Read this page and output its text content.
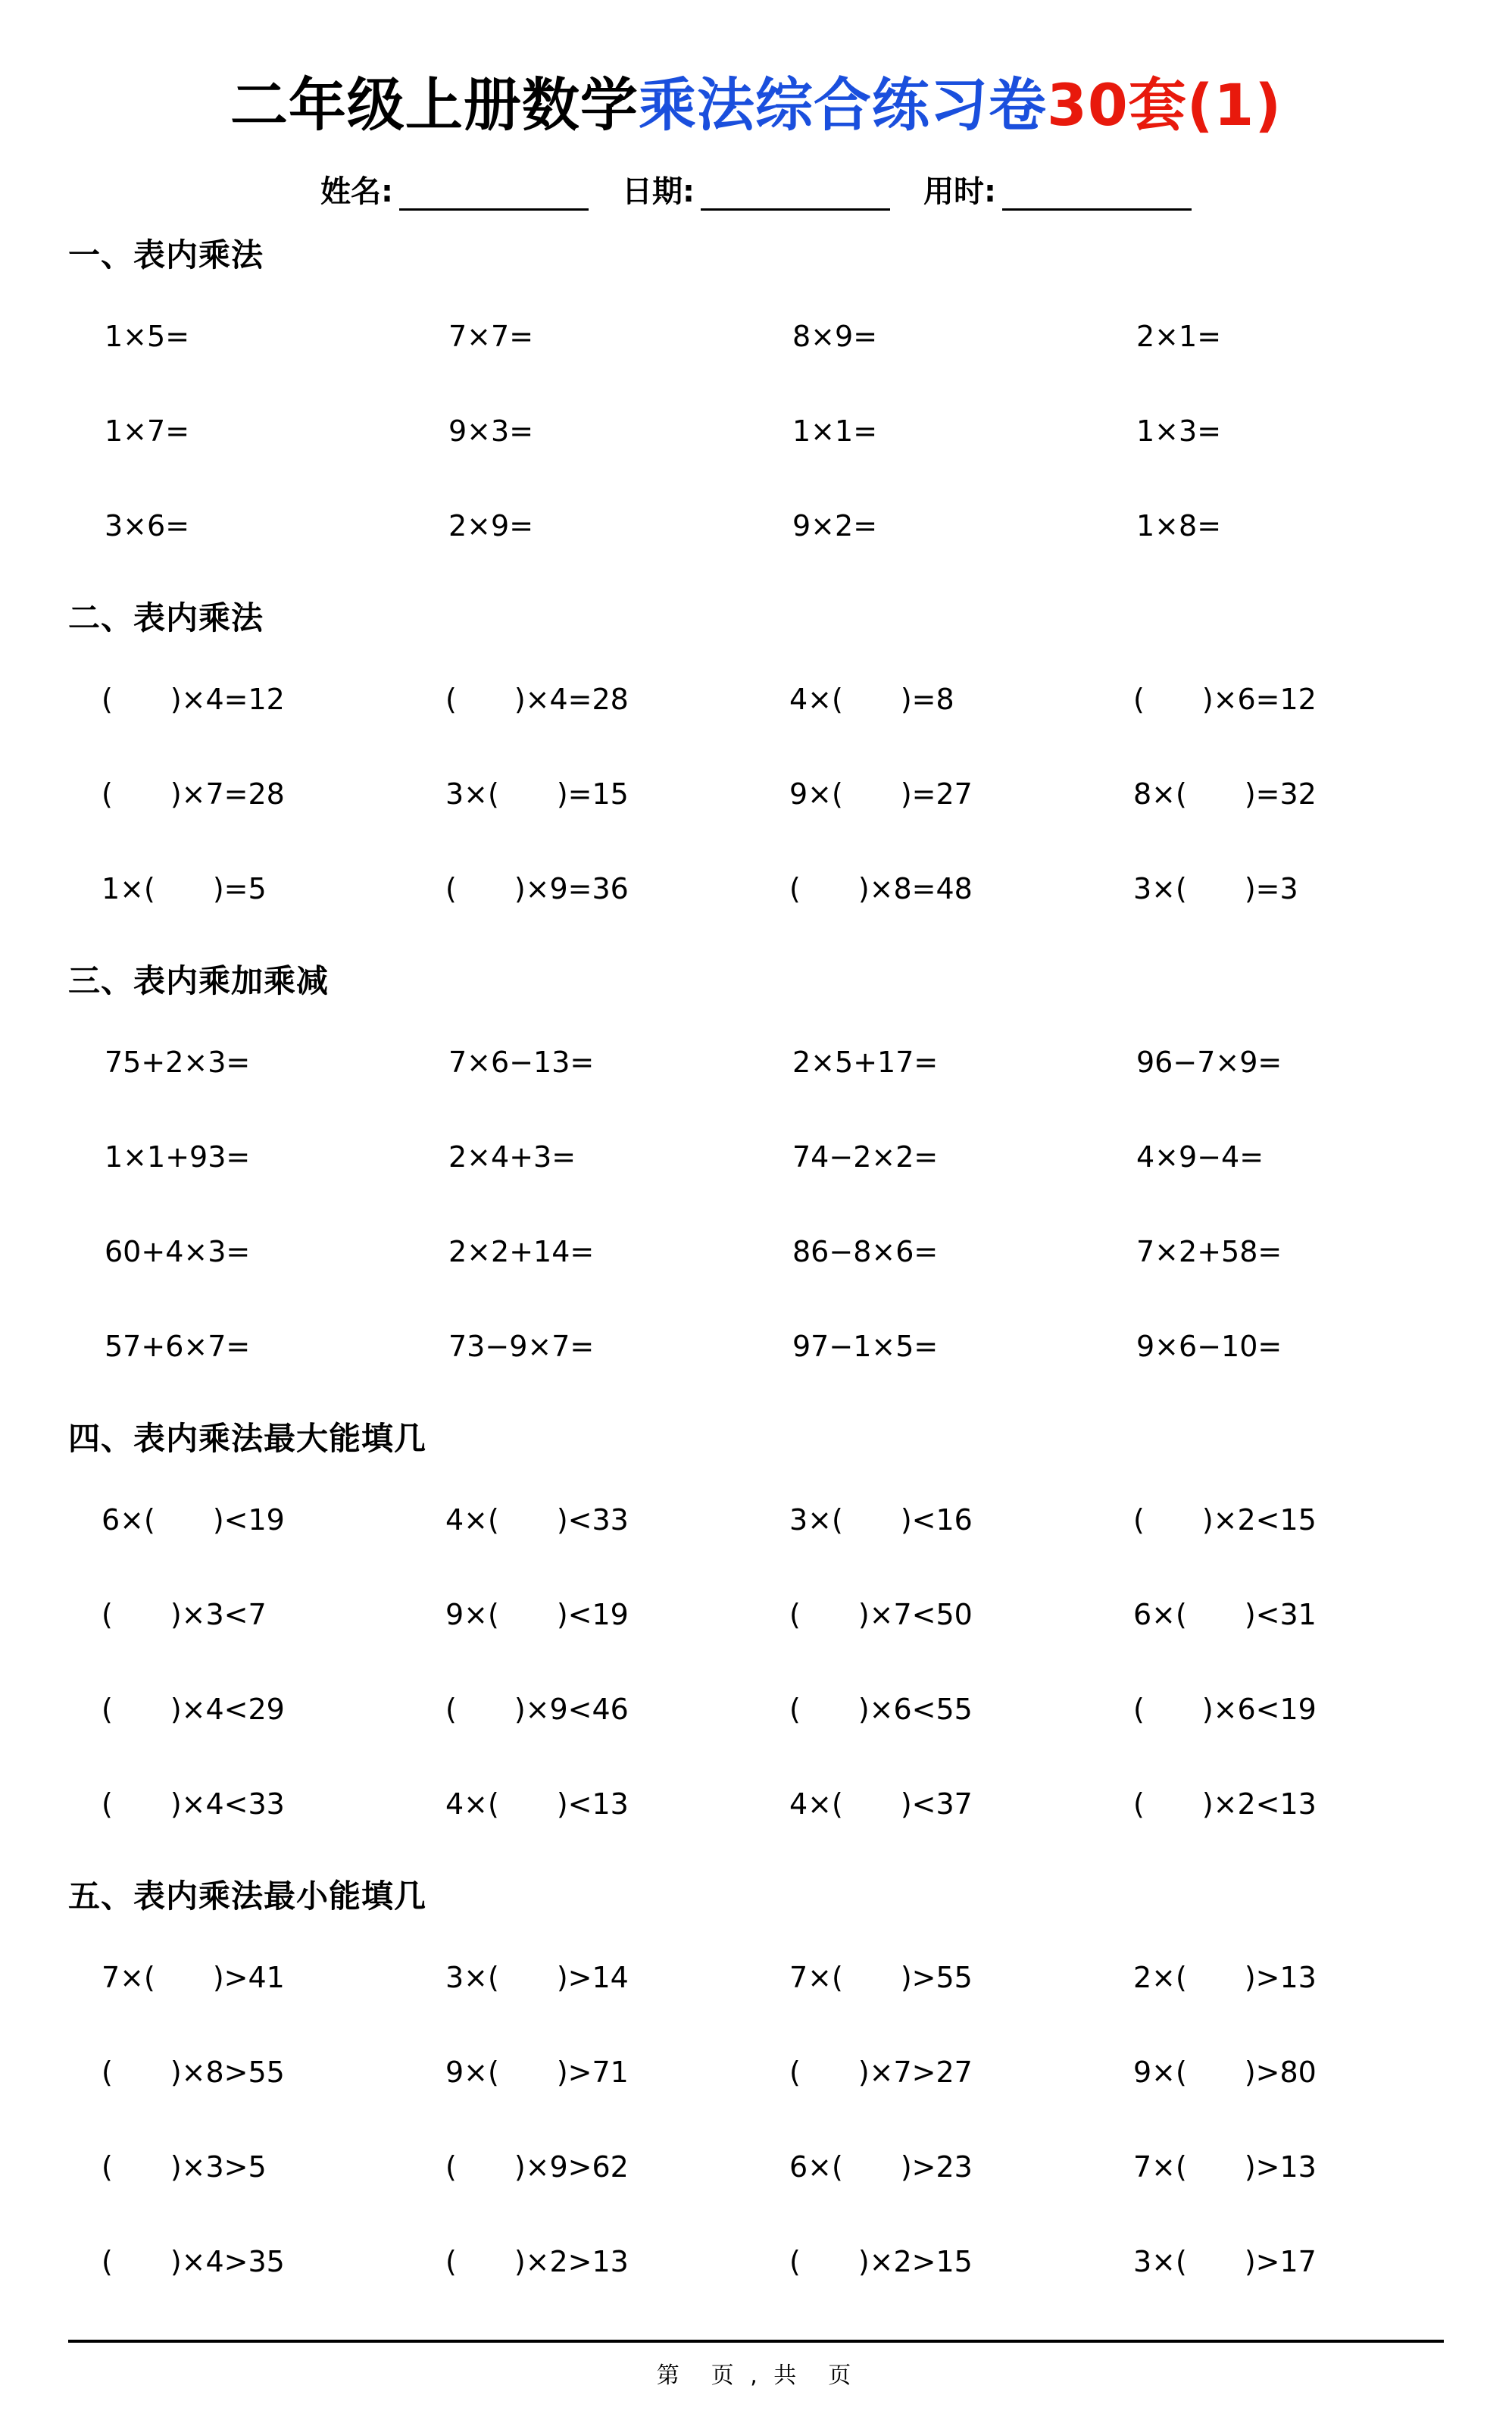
二年级上册数学乘法综合练习卷30套(1)
姓名:	日期:	用时:
一、表内乘法
1×5=	7×7=	8×9=	2×1=
1×7=	9×3=	1×1=	1×3=
3×6=	2×9=	9×2=	1×8=
二、表内乘法
(　　)×4=12	(　　)×4=28	4×(　　)=8	(　　)×6=12
(　　)×7=28	3×(　　)=15	9×(　　)=27	8×(　　)=32
1×(　　)=5	(　　)×9=36	(　　)×8=48	3×(　　)=3
三、表内乘加乘减
75+2×3=	7×6−13=	2×5+17=	96−7×9=
1×1+93=	2×4+3=	74−2×2=	4×9−4=
60+4×3=	2×2+14=	86−8×6=	7×2+58=
57+6×7=	73−9×7=	97−1×5=	9×6−10=
四、表内乘法最大能填几
6×(　　)<19	4×(　　)<33	3×(　　)<16	(　　)×2<15
(　　)×3<7	9×(　　)<19	(　　)×7<50	6×(　　)<31
(　　)×4<29	(　　)×9<46	(　　)×6<55	(　　)×6<19
(　　)×4<33	4×(　　)<13	4×(　　)<37	(　　)×2<13
五、表内乘法最小能填几
7×(　　)>41	3×(　　)>14	7×(　　)>55	2×(　　)>13
(　　)×8>55	9×(　　)>71	(　　)×7>27	9×(　　)>80
(　　)×3>5	(　　)×9>62	6×(　　)>23	7×(　　)>13
(　　)×4>35	(　　)×2>13	(　　)×2>15	3×(　　)>17
第　页 , 共　页
